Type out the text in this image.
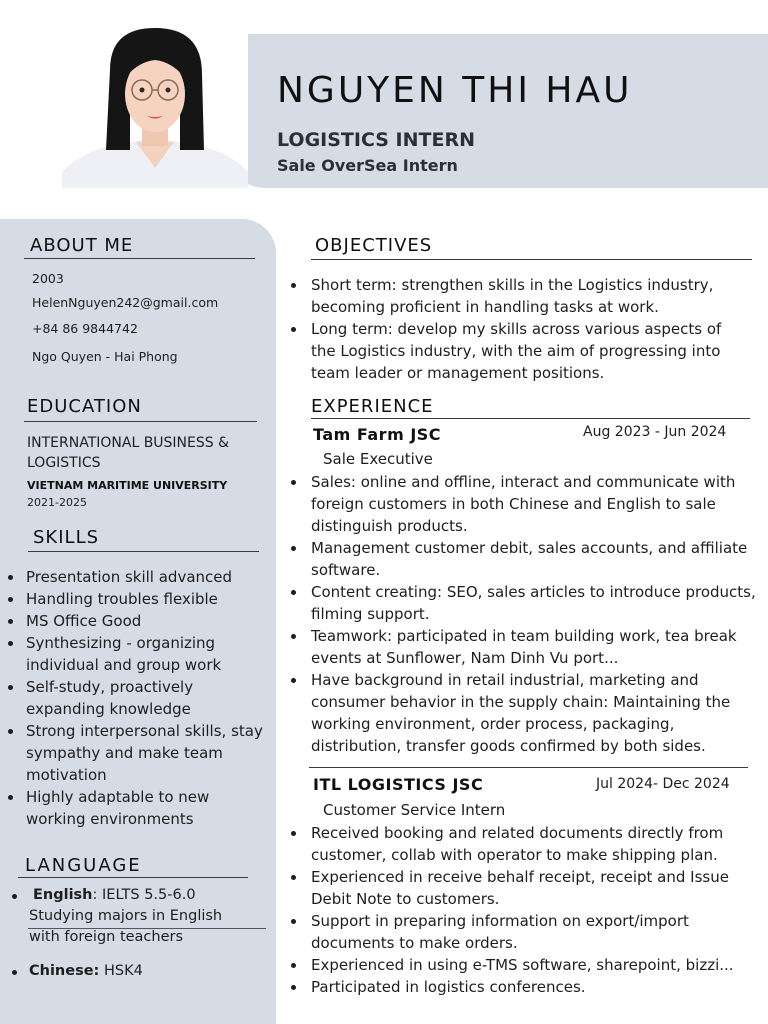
NGUYEN THI HAU
LOGISTICS INTERN
Sale OverSea Intern
ABOUT ME
2003
HelenNguyen242@gmail.com
+84 86 9844742
Ngo Quyen - Hai Phong
EDUCATION
INTERNATIONAL BUSINESS & LOGISTICS
VIETNAM MARITIME UNIVERSITY
2021-2025
SKILLS
Presentation skill advanced
Handling troubles flexible
MS Office Good
Synthesizing - organizing individual and group work
Self-study, proactively expanding knowledge
Strong interpersonal skills, stay sympathy and make team motivation
Highly adaptable to new working environments
LANGUAGE
English: IELTS 5.5-6.0 Studying majors in English with foreign teachers
Chinese: HSK4
OBJECTIVES
Short term: strengthen skills in the Logistics industry, becoming proficient in handling tasks at work.
Long term: develop my skills across various aspects of the Logistics industry, with the aim of progressing into team leader or management positions.
EXPERIENCE
Tam Farm JSC	Aug 2023 - Jun 2024
Sale Executive
Sales: online and offline, interact and communicate with foreign customers in both Chinese and English to sale distinguish products.
Management customer debit, sales accounts, and affiliate software.
Content creating: SEO, sales articles to introduce products, filming support.
Teamwork: participated in team building work, tea break events at Sunflower, Nam Dinh Vu port...
Have background in retail industrial, marketing and consumer behavior in the supply chain: Maintaining the working environment, order process, packaging, distribution, transfer goods confirmed by both sides.
ITL LOGISTICS JSC	Jul 2024- Dec 2024
Customer Service Intern
Received booking and related documents directly from customer, collab with operator to make shipping plan.
Experienced in receive behalf receipt, receipt and Issue Debit Note to customers.
Support in preparing information on export/import documents to make orders.
Experienced in using e-TMS software, sharepoint, bizzi...
Participated in logistics conferences.
